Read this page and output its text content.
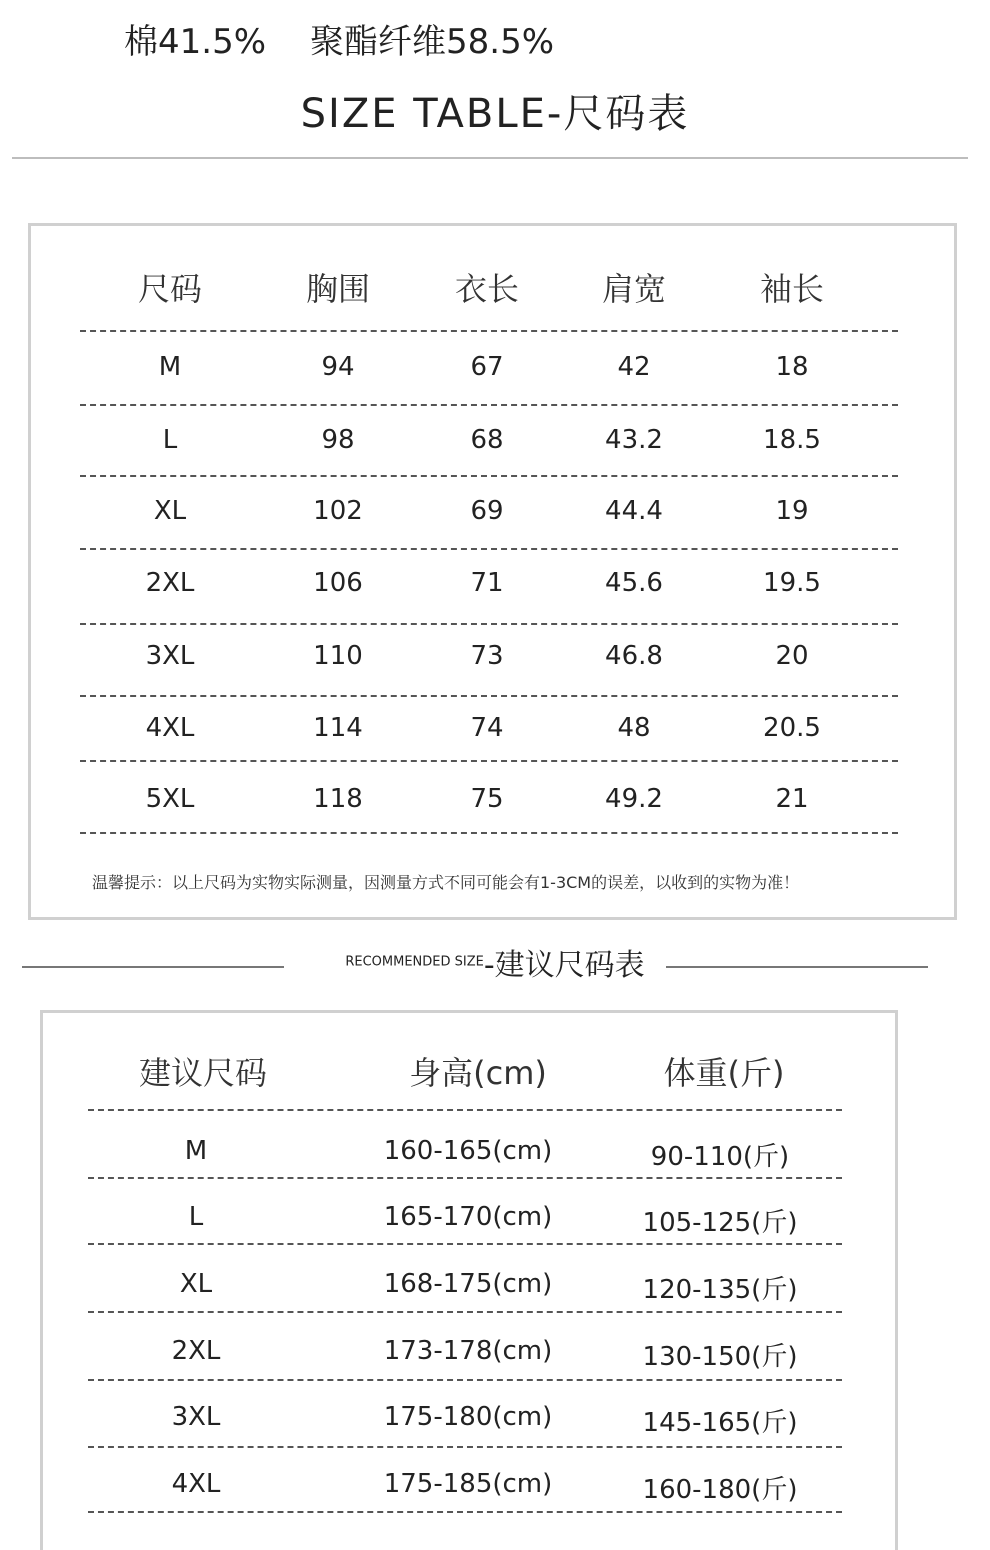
棉41.5% 聚酯纤维58.5%
SIZE TABLE-尺码表
尺码	胸围	衣长	肩宽	袖长
M	94	67	42	18
L	98	68	43.2	18.5
XL	102	69	44.4	19
2XL	106	71	45.6	19.5
3XL	110	73	46.8	20
4XL	114	74	48	20.5
5XL	118	75	49.2	21
温馨提示：以上尺码为实物实际测量，因测量方式不同可能会有1-3CM的误差，以收到的实物为准！
RECOMMENDED SIZE-建议尺码表
建议尺码	身高(cm)	体重(斤)
M	160-165(cm)	90-110(斤)
L	165-170(cm)	105-125(斤)
XL	168-175(cm)	120-135(斤)
2XL	173-178(cm)	130-150(斤)
3XL	175-180(cm)	145-165(斤)
4XL	175-185(cm)	160-180(斤)
